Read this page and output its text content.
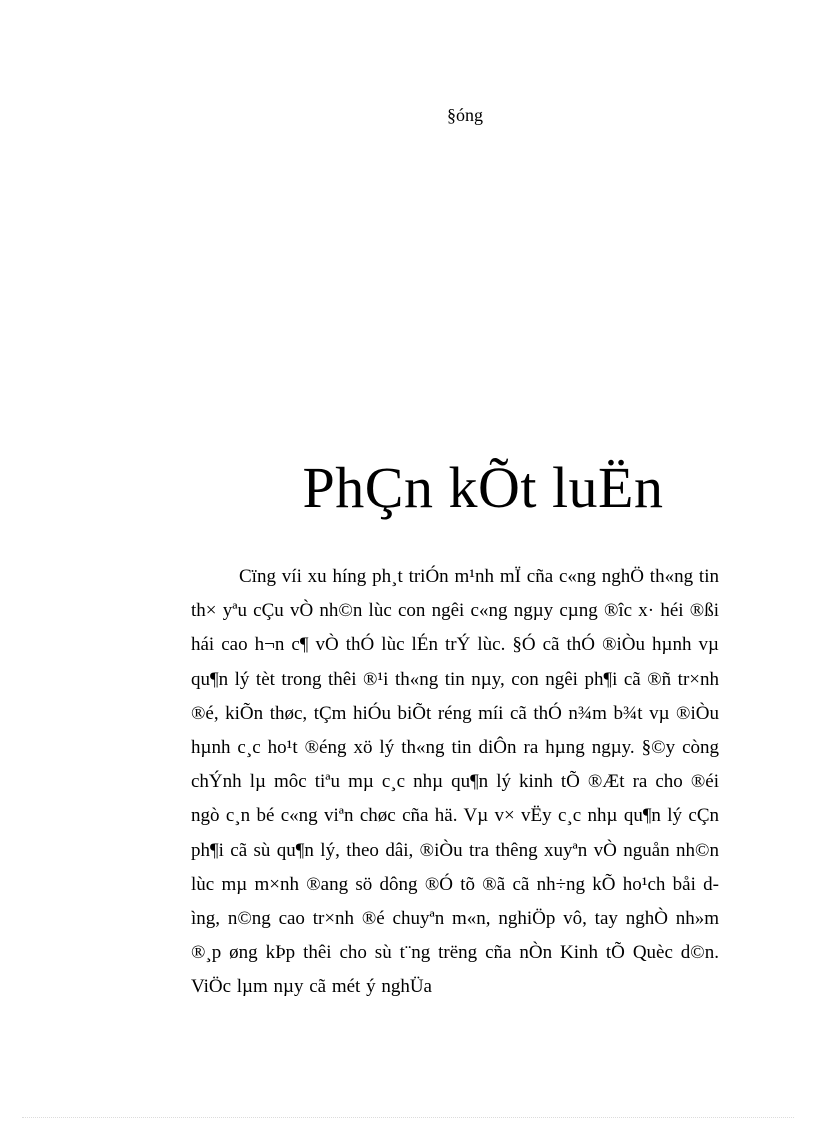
§óng
PhÇn kÕt luËn

Cïng víi xu híng ph¸t triÓn m¹nh mÏ cña c«ng nghÖ th«ng tin th× yªu cÇu vÒ nh©n lùc con ngêi c«ng ngµy cµng ®îc x· héi ®ßi hái cao h¬n c¶ vÒ thÓ lùc lÉn trÝ lùc. §Ó cã thÓ ®iÒu hµnh vµ qu¶n lý tèt trong thêi ®¹i th«ng tin nµy, con ngêi ph¶i cã ®ñ tr×nh ®é, kiÕn thøc, tÇm hiÓu biÕt réng míi cã thÓ n¾m b¾t vµ ®iÒu hµnh c¸c ho¹t ®éng xö lý th«ng tin diÔn ra hµng ngµy. §©y còng chÝnh lµ môc tiªu mµ c¸c nhµ qu¶n lý kinh tÕ ®Æt ra cho ®éi ngò c¸n bé c«ng viªn chøc cña hä. Vµ v× vËy c¸c nhµ qu¶n lý cÇn ph¶i cã sù qu¶n lý, theo dâi, ®iÒu tra thêng xuyªn vÒ nguån nh©n lùc mµ m×nh ®ang sö dông ®Ó tõ ®ã cã nh÷ng kÕ ho¹ch båi dìng, n©ng cao tr×nh ®é chuyªn m«n, nghiÖp vô, tay nghÒ nh»m ®¸p øng kÞp thêi cho sù t¨ng trëng cña nÒn Kinh tÕ Quèc d©n. ViÖc lµm nµy cã mét ý nghÜa
